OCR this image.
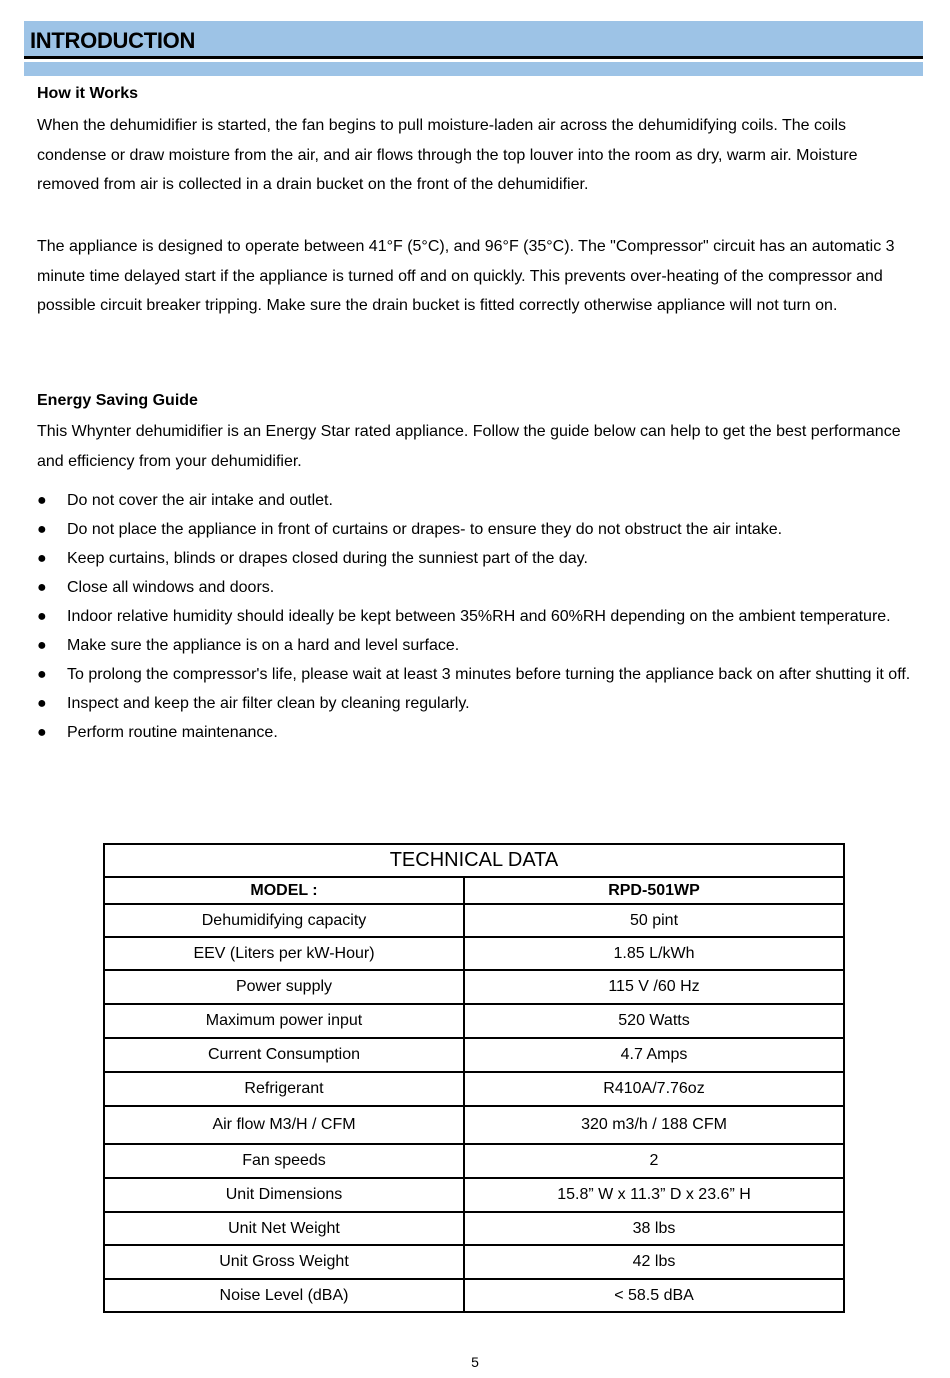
INTRODUCTION
How it Works
When the dehumidifier is started, the fan begins to pull moisture-laden air across the dehumidifying coils. The coils condense or draw moisture from the air, and air flows through the top louver into the room as dry, warm air. Moisture removed from air is collected in a drain bucket on the front of the dehumidifier.
The appliance is designed to operate between 41°F (5°C), and 96°F (35°C). The "Compressor" circuit has an automatic 3 minute time delayed start if the appliance is turned off and on quickly. This prevents over-heating of the compressor and possible circuit breaker tripping. Make sure the drain bucket is fitted correctly otherwise appliance will not turn on.
Energy Saving Guide
This Whynter dehumidifier is an Energy Star rated appliance. Follow the guide below can help to get the best performance and efficiency from your dehumidifier.
● Do not cover the air intake and outlet.
● Do not place the appliance in front of curtains or drapes- to ensure they do not obstruct the air intake.
● Keep curtains, blinds or drapes closed during the sunniest part of the day.
● Close all windows and doors.
● Indoor relative humidity should ideally be kept between 35%RH and 60%RH depending on the ambient temperature.
● Make sure the appliance is on a hard and level surface.
● To prolong the compressor's life, please wait at least 3 minutes before turning the appliance back on after shutting it off.
● Inspect and keep the air filter clean by cleaning regularly.
● Perform routine maintenance.
TECHNICAL DATA	
MODEL :	RPD-501WP
Dehumidifying capacity	50 pint
EEV (Liters per kW-Hour)	1.85 L/kWh
Power supply	115 V /60 Hz
Maximum power input	520 Watts
Current Consumption	4.7 Amps
Refrigerant	R410A/7.76oz
Air flow M3/H / CFM	320 m3/h / 188 CFM
Fan speeds	2
Unit Dimensions	15.8” W x 11.3” D x 23.6” H
Unit Net Weight	38 lbs
Unit Gross Weight	42 lbs
Noise Level (dBA)	< 58.5 dBA
5
